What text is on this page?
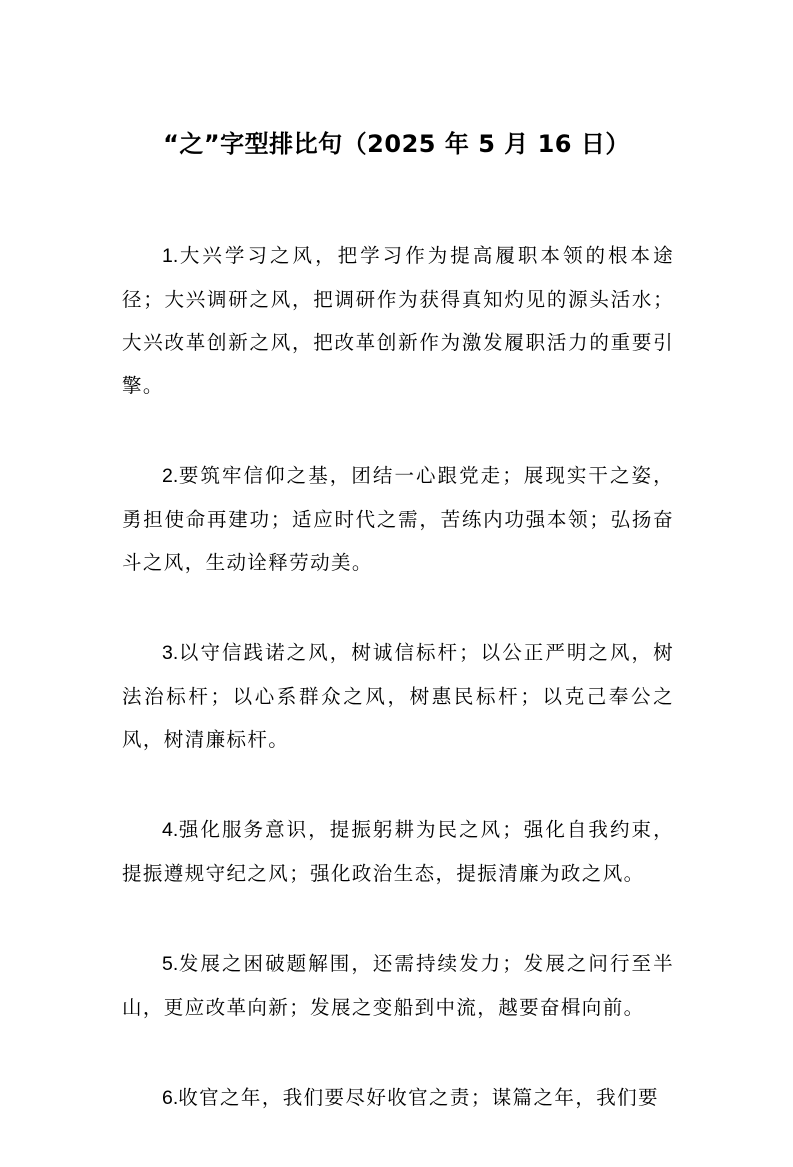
“之”字型排比句（2025 年 5 月 16 日）

1.大兴学习之风，把学习作为提高履职本领的根本途径；大兴调研之风，把调研作为获得真知灼见的源头活水；大兴改革创新之风，把改革创新作为激发履职活力的重要引擎。

2.要筑牢信仰之基，团结一心跟党走；展现实干之姿，勇担使命再建功；适应时代之需，苦练内功强本领；弘扬奋斗之风，生动诠释劳动美。

3.以守信践诺之风，树诚信标杆；以公正严明之风，树法治标杆；以心系群众之风，树惠民标杆；以克己奉公之风，树清廉标杆。

4.强化服务意识，提振躬耕为民之风；强化自我约束，提振遵规守纪之风；强化政治生态，提振清廉为政之风。

5.发展之困破题解围，还需持续发力；发展之问行至半山，更应改革向新；发展之变船到中流，越要奋楫向前。

6.收官之年，我们要尽好收官之责；谋篇之年，我们要
